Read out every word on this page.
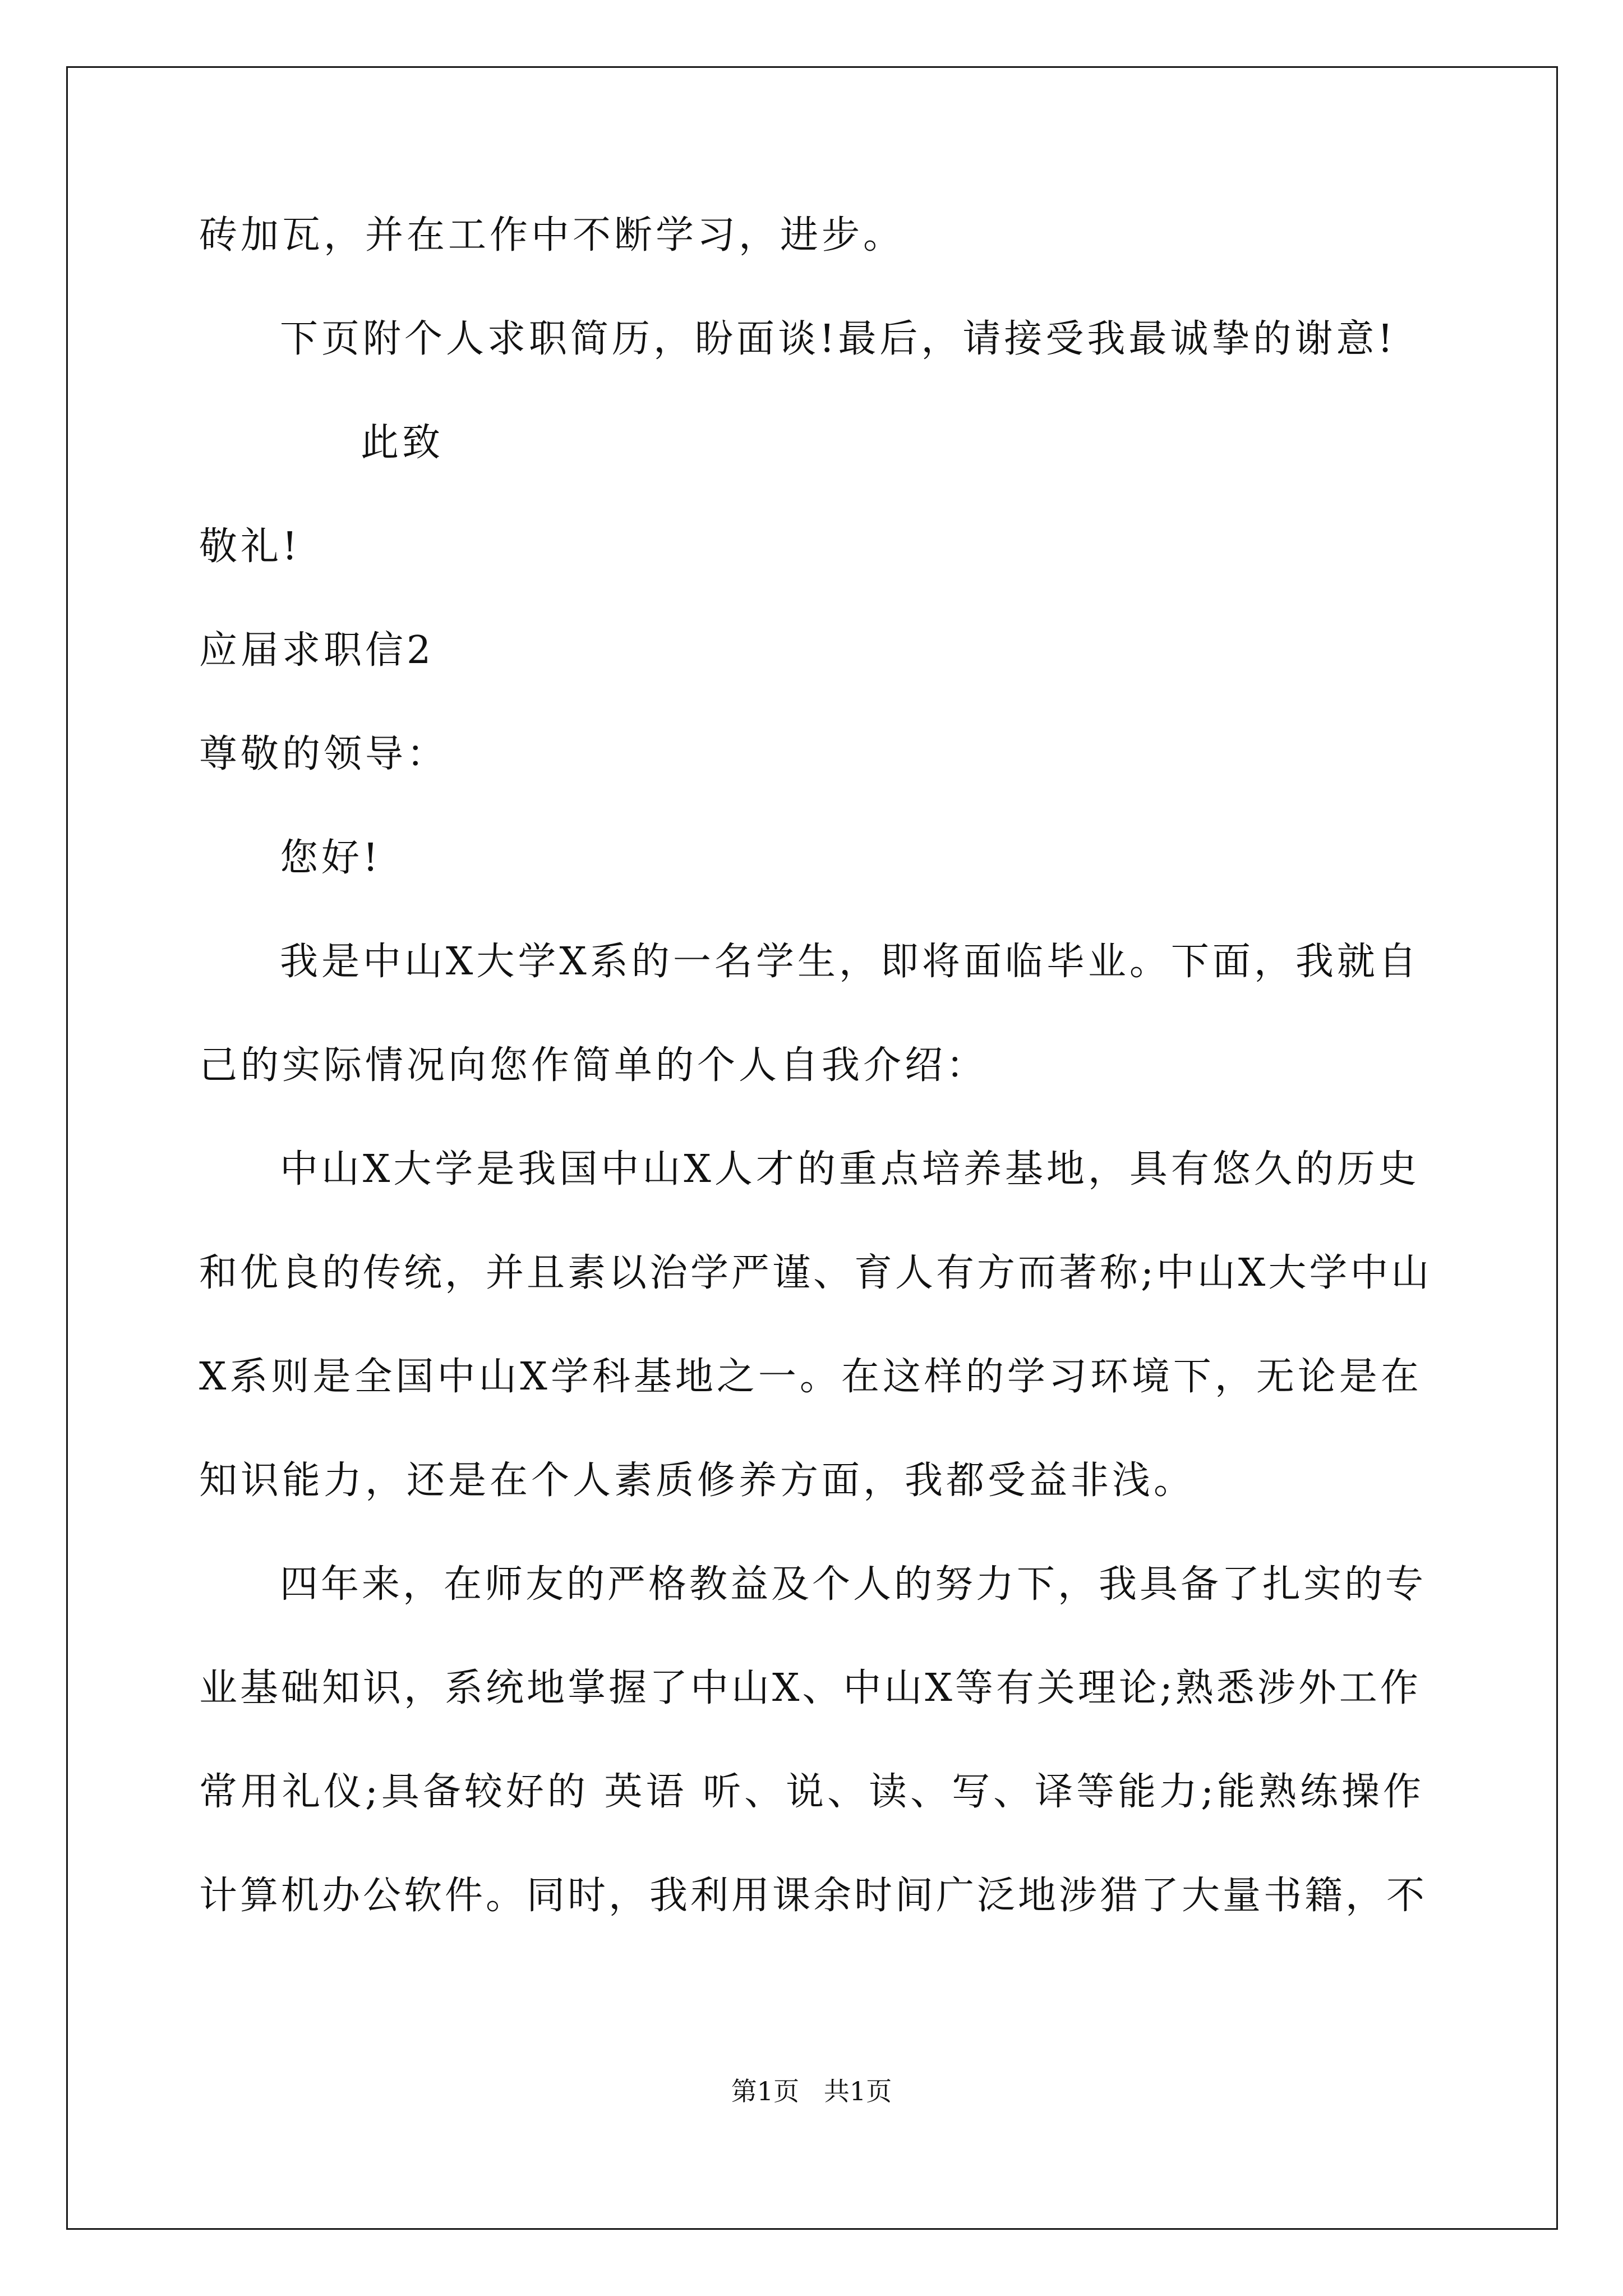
砖加瓦，并在工作中不断学习，进步。
下页附个人求职简历，盼面谈!最后，请接受我最诚挚的谢意!
此致
敬礼!
应届求职信2
尊敬的领导：
您好!
我是中山X大学X系的一名学生，即将面临毕业。下面，我就自
己的实际情况向您作简单的个人自我介绍：
中山X大学是我国中山X人才的重点培养基地，具有悠久的历史
和优良的传统，并且素以治学严谨、育人有方而著称;中山X大学中山
X系则是全国中山X学科基地之一。在这样的学习环境下，无论是在
知识能力，还是在个人素质修养方面，我都受益非浅。
四年来，在师友的严格教益及个人的努力下，我具备了扎实的专
业基础知识，系统地掌握了中山X、中山X等有关理论;熟悉涉外工作
常用礼仪;具备较好的 英语 听、说、读、写、译等能力;能熟练操作
计算机办公软件。同时，我利用课余时间广泛地涉猎了大量书籍，不
第1页   共1页
